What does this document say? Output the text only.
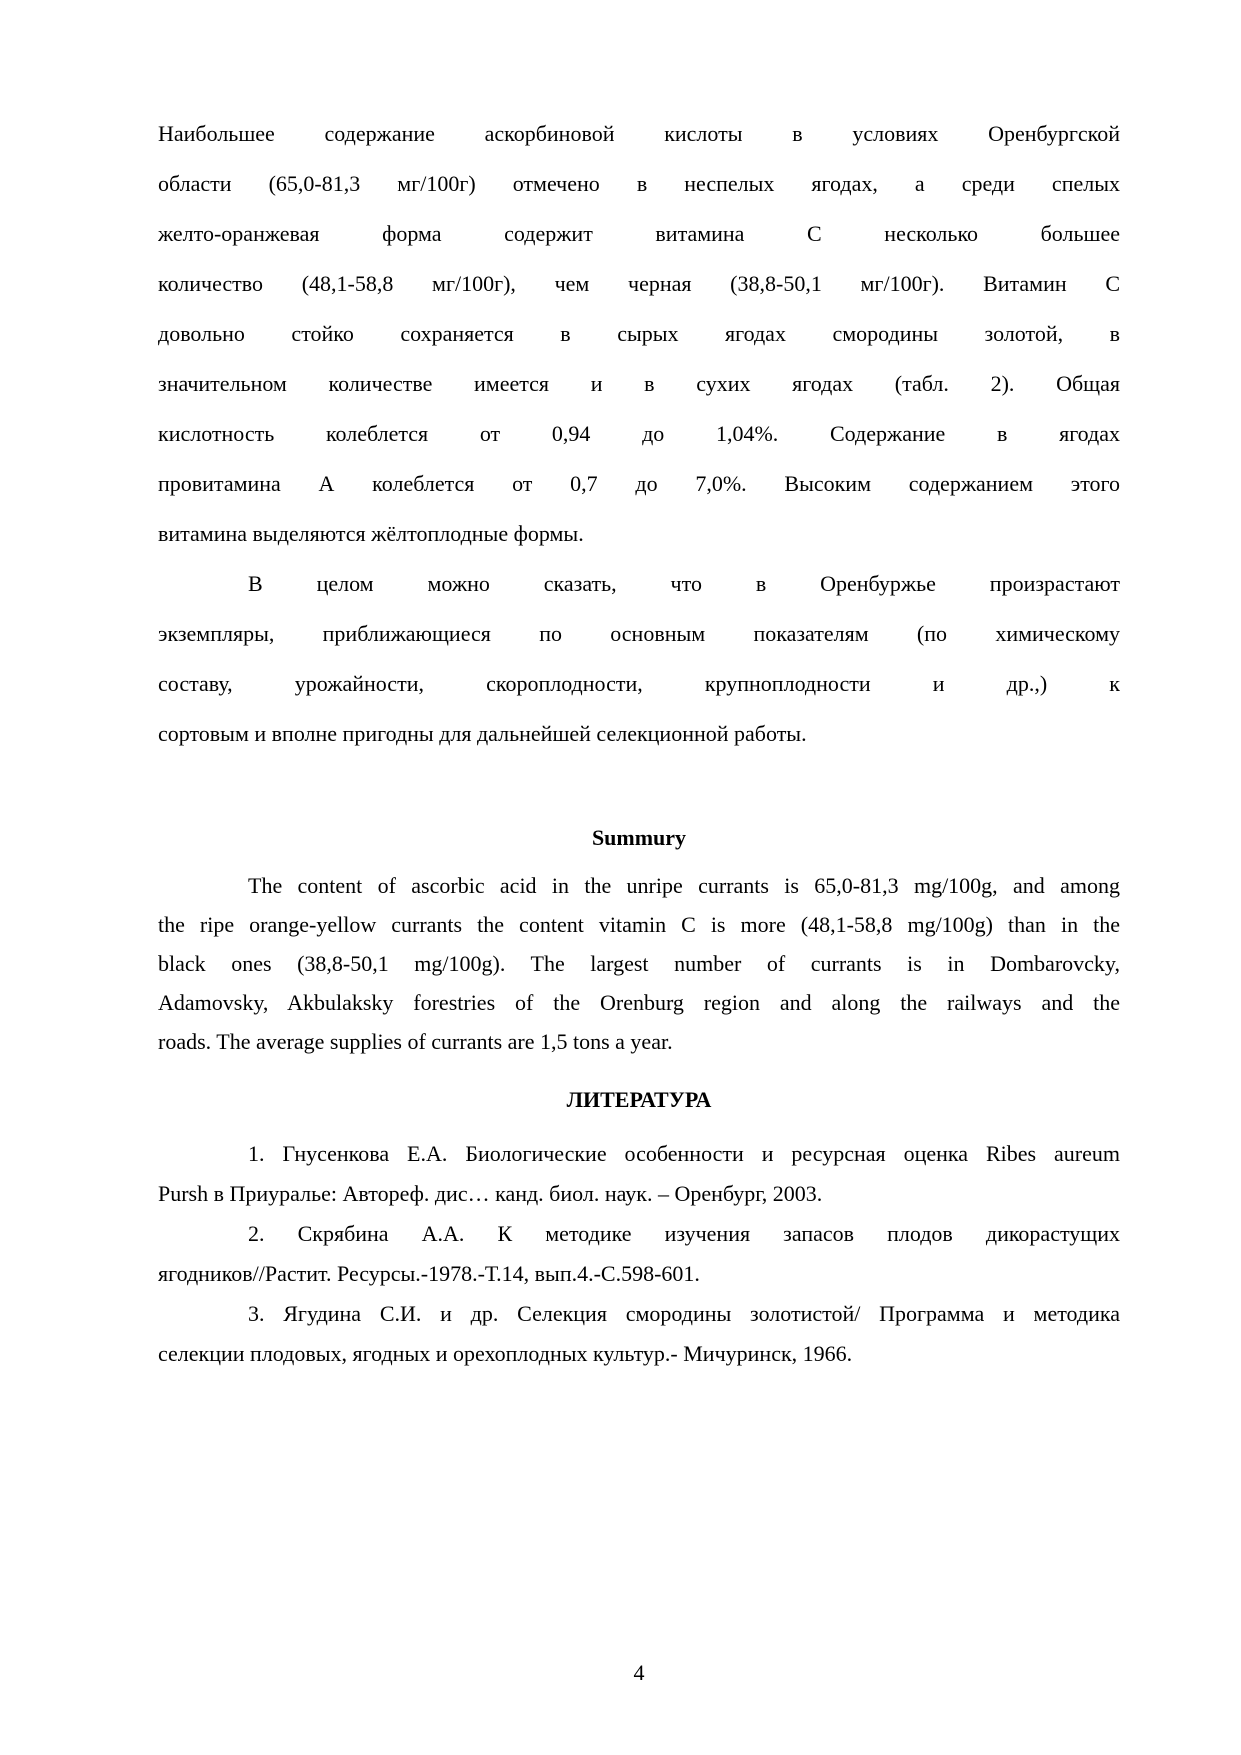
Наибольшее содержание аскорбиновой кислоты в условиях Оренбургской
области (65,0-81,3 мг/100г) отмечено в неспелых ягодах, а среди спелых
желто-оранжевая форма содержит витамина С несколько большее
количество (48,1-58,8 мг/100г), чем черная (38,8-50,1 мг/100г). Витамин С
довольно стойко сохраняется в сырых ягодах смородины золотой, в
значительном количестве имеется и в сухих ягодах (табл. 2). Общая
кислотность колеблется от 0,94 до 1,04%. Содержание в ягодах
провитамина А колеблется от 0,7 до 7,0%. Высоким содержанием этого
витамина выделяются жёлтоплодные формы.
В целом можно сказать, что в Оренбуржье произрастают
экземпляры, приближающиеся по основным показателям (по химическому
составу, урожайности, скороплодности, крупноплодности и др.,) к
сортовым и вполне пригодны для дальнейшей селекционной работы.
Summury
The content of ascorbic acid in the unripe currants is 65,0-81,3 mg/100g, and among
the ripe orange-yellow currants the content vitamin C is more (48,1-58,8 mg/100g) than in the
black ones (38,8-50,1 mg/100g). The largest number of currants is in Dombarovcky,
Adamovsky, Akbulaksky forestries of the Orenburg region and along the railways and the
roads. The average supplies of currants are 1,5 tons a year.
ЛИТЕРАТУРА
1. Гнусенкова Е.А. Биологические особенности и ресурсная оценка Ribes aureum
Pursh в Приуралье: Автореф. дис… канд. биол. наук. – Оренбург, 2003.
2. Скрябина А.А. К методике изучения запасов плодов дикорастущих
ягодников//Растит. Ресурсы.-1978.-Т.14, вып.4.-С.598-601.
3. Ягудина С.И. и др. Селекция смородины золотистой/ Программа и методика
селекции плодовых, ягодных и орехоплодных культур.- Мичуринск, 1966.
4
